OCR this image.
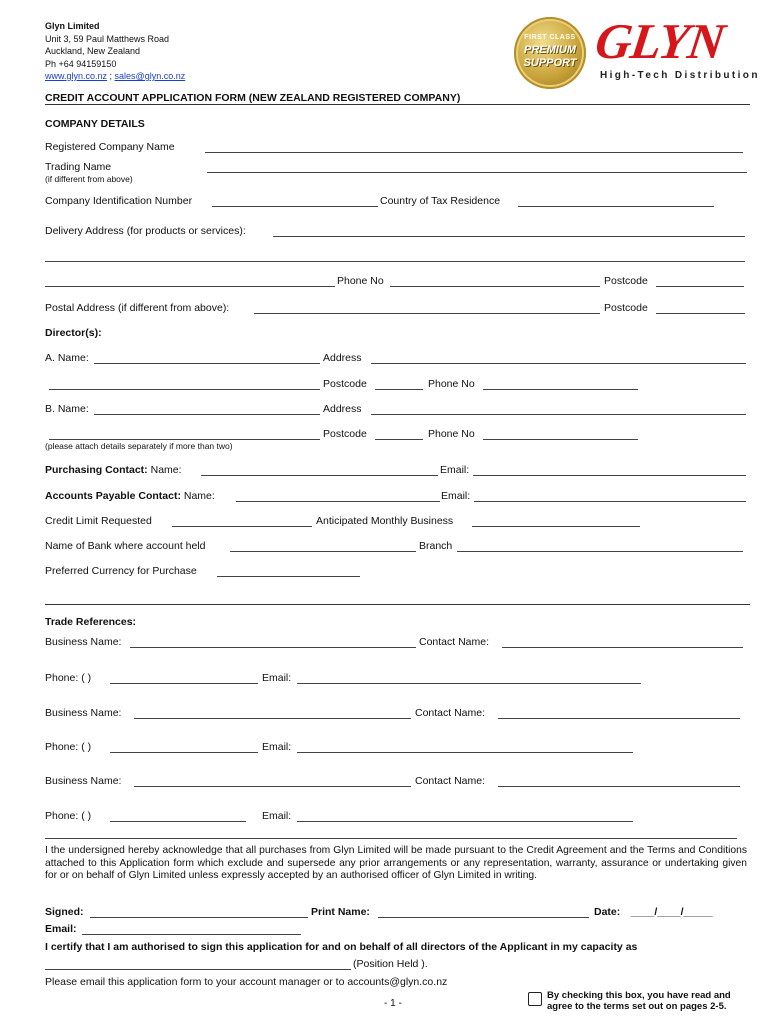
Glyn Limited
Unit 3, 59 Paul Matthews Road
Auckland, New Zealand
Ph +64 94159150
www.glyn.co.nz ; sales@glyn.co.nz
FIRST CLASS
PREMIUM
SUPPORT GLYN
High-Tech Distribution
CREDIT ACCOUNT APPLICATION FORM (NEW ZEALAND REGISTERED COMPANY)
COMPANY DETAILS
Registered Company Name
Trading Name
(if different from above)
Company Identification Number	Country of Tax Residence
Delivery Address (for products or services):
Phone No	Postcode
Postal Address (if different from above):	Postcode
Director(s):
A. Name:	Address
Postcode	Phone No
B. Name:	Address
Postcode	Phone No
(please attach details separately if more than two)
Purchasing Contact: Name:	Email:
Accounts Payable Contact: Name:	Email:
Credit Limit Requested	Anticipated Monthly Business
Name of Bank where account held	Branch
Preferred Currency for Purchase
Trade References:
Business Name:	Contact Name:
Phone: ( )	Email:
Business Name:	Contact Name:
Phone: ( )	Email:
Business Name:	Contact Name:
Phone: ( )	Email:
I the undersigned hereby acknowledge that all purchases from Glyn Limited will be made pursuant to the Credit Agreement and the Terms and Conditions attached to this Application form which exclude and supersede any prior arrangements or any representation, warranty, assurance or undertaking given for or on behalf of Glyn Limited unless expressly accepted by an authorised officer of Glyn Limited in writing.
Signed:	Print Name:	Date: ____/____/_____
Email:
I certify that I am authorised to sign this application for and on behalf of all directors of the Applicant in my capacity as
(Position Held ).
Please email this application form to your account manager or to accounts@glyn.co.nz
- 1 -
By checking this box, you have read and agree to the terms set out on pages 2-5.
